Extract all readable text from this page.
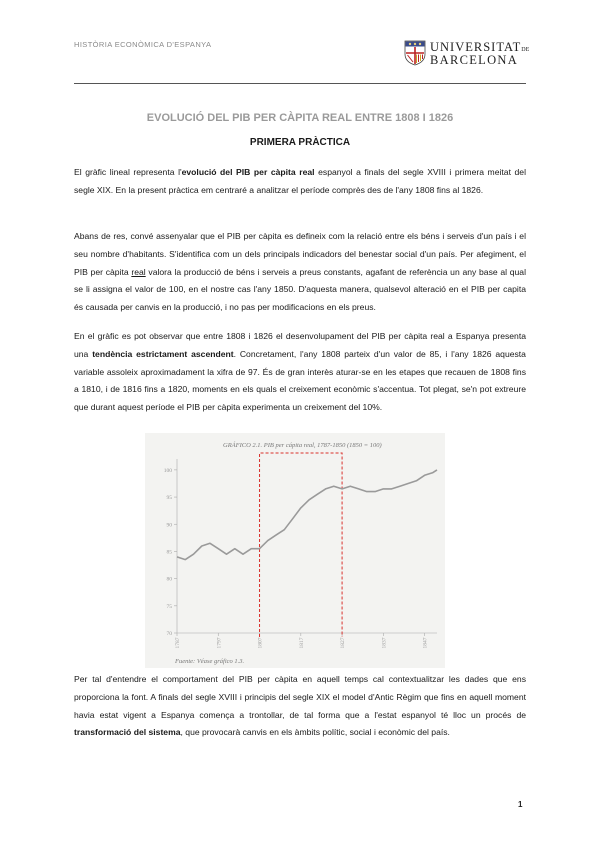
HISTÒRIA ECONÒMICA D'ESPANYA	UNIVERSITATDE
BARCELONA
EVOLUCIÓ DEL PIB PER CÀPITA REAL ENTRE 1808 I 1826
PRIMERA PRÀCTICA
El gràfic lineal representa l'evolució del PIB per càpita real espanyol a finals del segle XVIII i primera meitat del segle XIX. En la present pràctica em centraré a analitzar el període comprès des de l'any 1808 fins al 1826.
Abans de res, convé assenyalar que el PIB per càpita es defineix com la relació entre els béns i serveis d'un país i el seu nombre d'habitants. S'identifica com un dels principals indicadors del benestar social d'un país. Per afegiment, el PIB per càpita real valora la producció de béns i serveis a preus constants, agafant de referència un any base al qual se li assigna el valor de 100, en el nostre cas l'any 1850. D'aquesta manera, qualsevol alteració en el PIB per capita és causada per canvis en la producció, i no pas per modificacions en els preus.
En el gràfic es pot observar que entre 1808 i 1826 el desenvolupament del PIB per càpita real a Espanya presenta una tendència estrictament ascendent. Concretament, l'any 1808 parteix d'un valor de 85, i l'any 1826 aquesta variable assoleix aproximadament la xifra de 97. És de gran interès aturar-se en les etapes que recauen de 1808 fins a 1810, i de 1816 fins a 1820, moments en els quals el creixement econòmic s'accentua. Tot plegat, se'n pot extreure que durant aquest període el PIB per càpita experimenta un creixement del 10%.
GRÁFICO 2.1. PIB per cápita real, 1787-1850 (1850 = 100)
70
75
80
85
90
95
100
1787	1797	1807	1817	1827	1837	1847
Fuente: Véase gráfico 1.3.
Per tal d'entendre el comportament del PIB per càpita en aquell temps cal contextualitzar les dades que ens proporciona la font. A finals del segle XVIII i principis del segle XIX el model d'Antic Règim que fins en aquell moment havia estat vigent a Espanya comença a trontollar, de tal forma que a l'estat espanyol té lloc un procés de transformació del sistema, que provocarà canvis en els àmbits polític, social i econòmic del país.
1
